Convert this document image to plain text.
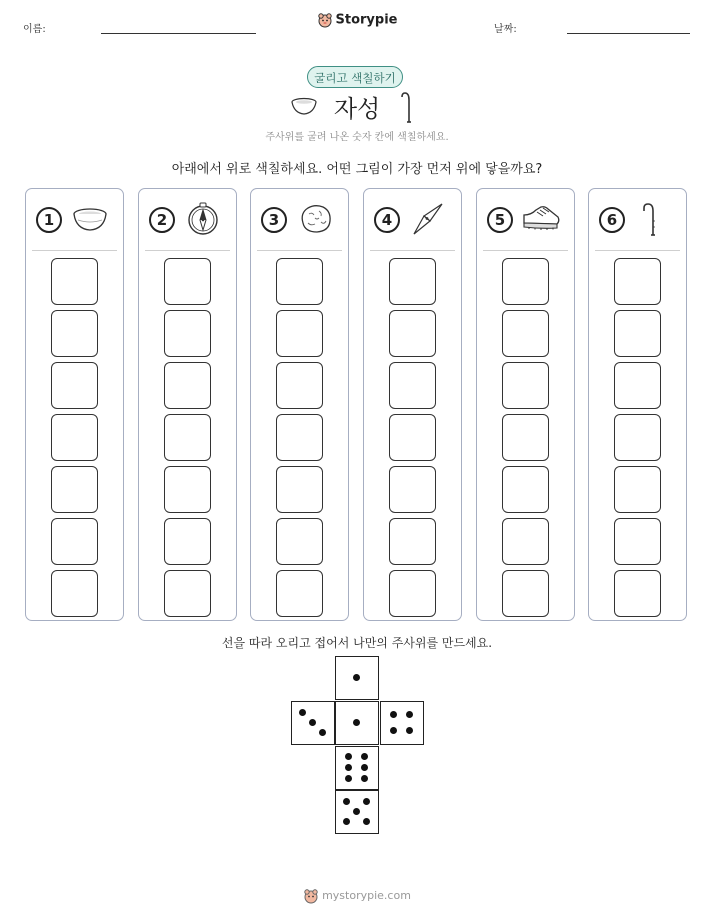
이름:
Storypie
날짜:
굴리고 색칠하기
자성
주사위를 굴려 나온 숫자 칸에 색칠하세요.
아래에서 위로 색칠하세요. 어떤 그림이 가장 먼저 위에 닿을까요?
1	2	3	4	5	6
선을 따라 오리고 접어서 나만의 주사위를 만드세요.
mystorypie.com
